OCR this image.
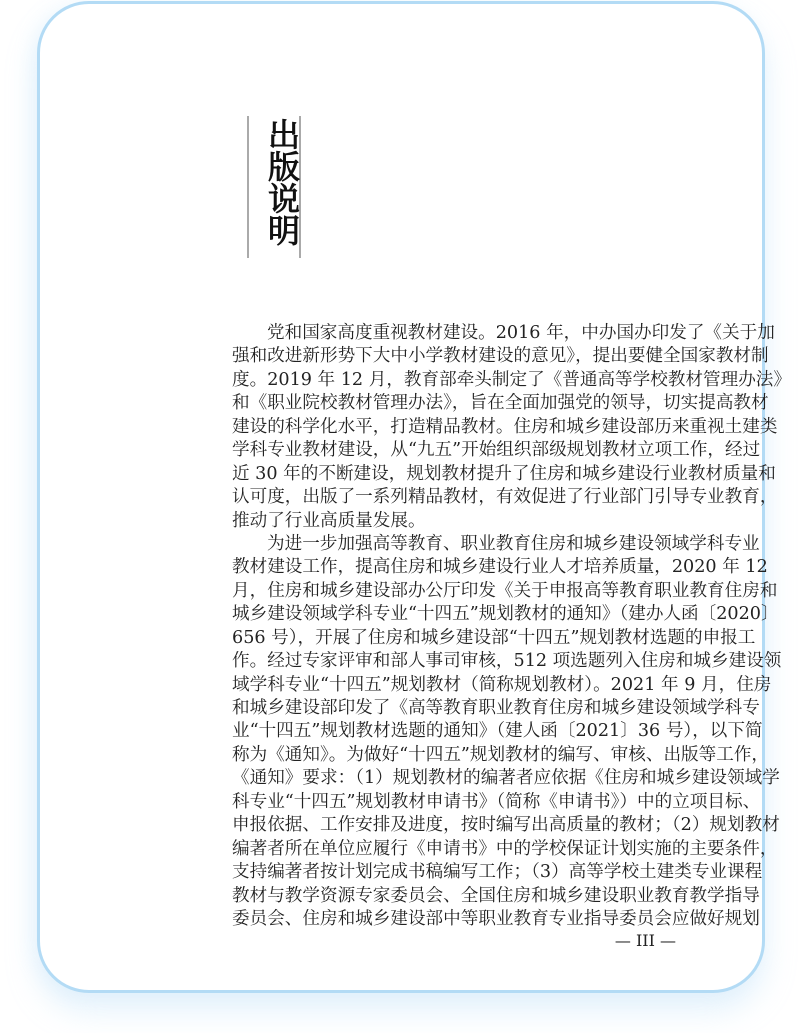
出版说明
党和国家高度重视教材建设。2016 年，中办国办印发了《关于加
强和改进新形势下大中小学教材建设的意见》，提出要健全国家教材制
度。2019 年 12 月，教育部牵头制定了《普通高等学校教材管理办法》
和《职业院校教材管理办法》，旨在全面加强党的领导，切实提高教材
建设的科学化水平，打造精品教材。住房和城乡建设部历来重视土建类
学科专业教材建设，从“九五”开始组织部级规划教材立项工作，经过
近 30 年的不断建设，规划教材提升了住房和城乡建设行业教材质量和
认可度，出版了一系列精品教材，有效促进了行业部门引导专业教育，
推动了行业高质量发展。
为进一步加强高等教育、职业教育住房和城乡建设领域学科专业
教材建设工作，提高住房和城乡建设行业人才培养质量，2020 年 12
月，住房和城乡建设部办公厅印发《关于申报高等教育职业教育住房和
城乡建设领域学科专业“十四五”规划教材的通知》（建办人函〔2020〕
656 号），开展了住房和城乡建设部“十四五”规划教材选题的申报工
作。经过专家评审和部人事司审核，512 项选题列入住房和城乡建设领
域学科专业“十四五”规划教材（简称规划教材）。2021 年 9 月，住房
和城乡建设部印发了《高等教育职业教育住房和城乡建设领域学科专
业“十四五”规划教材选题的通知》（建人函〔2021〕36 号），以下简
称为《通知》。为做好“十四五”规划教材的编写、审核、出版等工作，
《通知》要求：（1）规划教材的编著者应依据《住房和城乡建设领域学
科专业“十四五”规划教材申请书》（简称《申请书》）中的立项目标、
申报依据、工作安排及进度，按时编写出高质量的教材；（2）规划教材
编著者所在单位应履行《申请书》中的学校保证计划实施的主要条件，
支持编著者按计划完成书稿编写工作；（3）高等学校土建类专业课程
教材与教学资源专家委员会、全国住房和城乡建设职业教育教学指导
委员会、住房和城乡建设部中等职业教育专业指导委员会应做好规划
— III —
